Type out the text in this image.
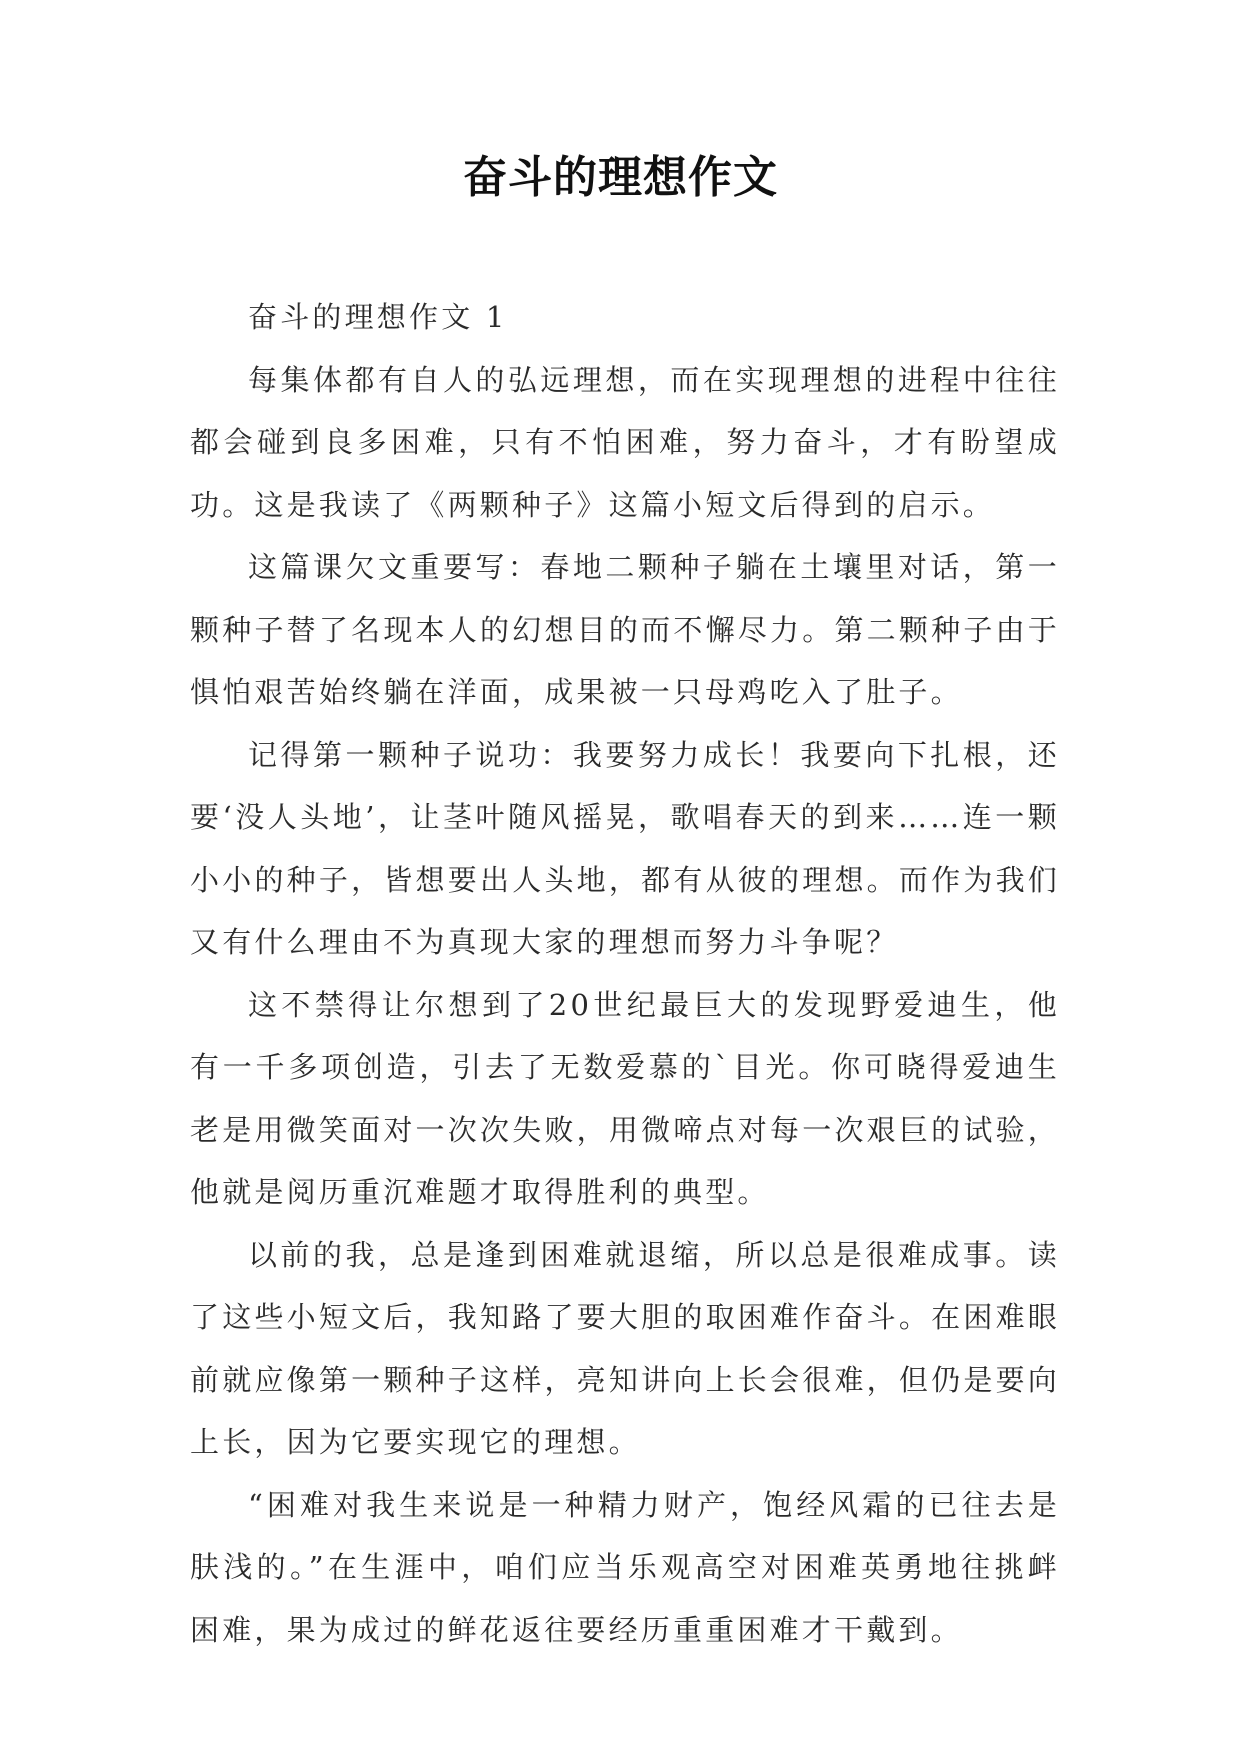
奋斗的理想作文

奋斗的理想作文 1

每集体都有自人的弘远理想，而在实现理想的进程中往往都会碰到良多困难，只有不怕困难，努力奋斗，才有盼望成功。这是我读了《两颗种子》这篇小短文后得到的启示。

这篇课欠文重要写：春地二颗种子躺在土壤里对话，第一颗种子替了名现本人的幻想目的而不懈尽力。第二颗种子由于惧怕艰苦始终躺在洋面，成果被一只母鸡吃入了肚子。

记得第一颗种子说功：我要努力成长！我要向下扎根，还要‘没人头地’，让茎叶随风摇晃，歌唱春天的到来……连一颗小小的种子，皆想要出人头地，都有从彼的理想。而作为我们又有什么理由不为真现大家的理想而努力斗争呢？

这不禁得让尔想到了20世纪最巨大的发现野爱迪生，他有一千多项创造，引去了无数爱慕的`目光。你可晓得爱迪生老是用微笑面对一次次失败，用微啼点对每一次艰巨的试验，他就是阅历重沉难题才取得胜利的典型。

以前的我，总是逢到困难就退缩，所以总是很难成事。读了这些小短文后，我知路了要大胆的取困难作奋斗。在困难眼前就应像第一颗种子这样，亮知讲向上长会很难，但仍是要向上长，因为它要实现它的理想。

“困难对我生来说是一种精力财产，饱经风霜的已往去是肤浅的。”在生涯中，咱们应当乐观高空对困难英勇地往挑衅困难，果为成过的鲜花返往要经历重重困难才干戴到。
